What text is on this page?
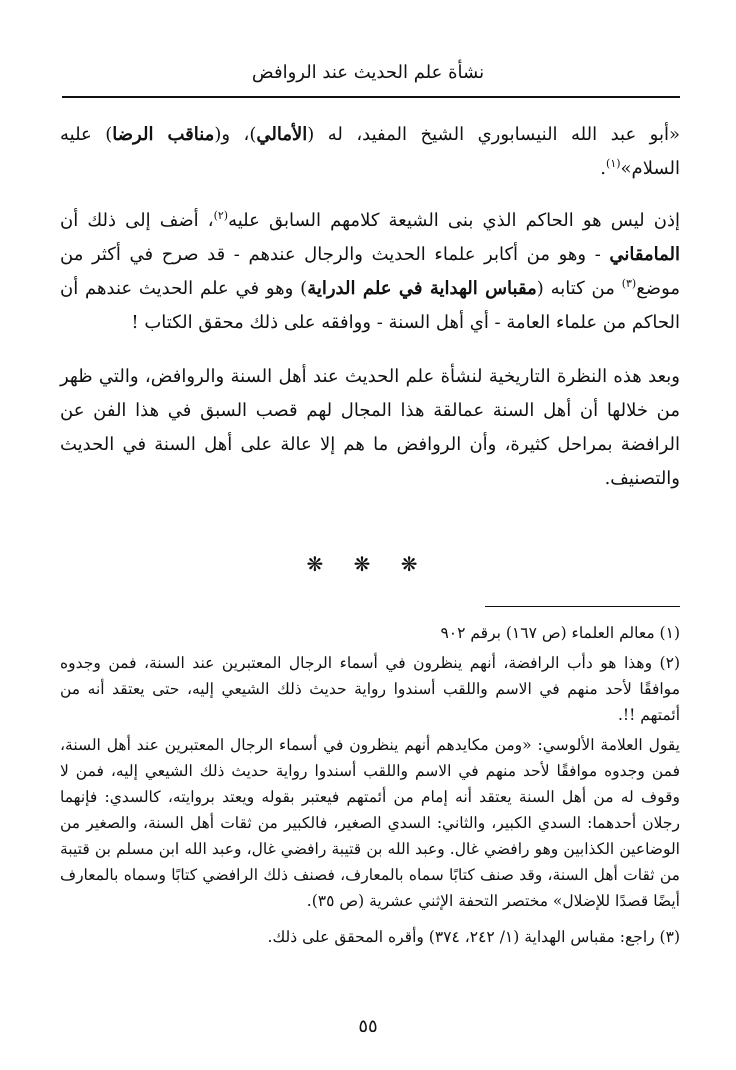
نشأة علم الحديث عند الروافض

«أبو عبد الله النيسابوري الشيخ المفيد، له (الأمالي)، و(مناقب الرضا) عليه السلام»$^{(١)}$.

إذن ليس هو الحاكم الذي بنى الشيعة كلامهم السابق عليه$^{(٢)}$، أضف إلى ذلك أن المامقاني - وهو من أكابر علماء الحديث والرجال عندهم - قد صرح في أكثر من موضع$^{(٣)}$ من كتابه (مقباس الهداية في علم الدراية) وهو في علم الحديث عندهم أن الحاكم من علماء العامة - أي أهل السنة - ووافقه على ذلك محقق الكتاب !

وبعد هذه النظرة التاريخية لنشأة علم الحديث عند أهل السنة والروافض، والتي ظهر من خلالها أن أهل السنة عمالقة هذا المجال لهم قصب السبق في هذا الفن عن الرافضة بمراحل كثيرة، وأن الروافض ما هم إلا عالة على أهل السنة في الحديث والتصنيف.

❋ ❋ ❋

(١) معالم العلماء (ص ١٦٧) برقم ٩٠٢

(٢) وهذا هو دأب الرافضة، أنهم ينظرون في أسماء الرجال المعتبرين عند السنة، فمن وجدوه موافقًا لأحد منهم في الاسم واللقب أسندوا رواية حديث ذلك الشيعي إليه، حتى يعتقد أنه من أئمتهم !!.

يقول العلامة الألوسي: «ومن مكايدهم أنهم ينظرون في أسماء الرجال المعتبرين عند أهل السنة، فمن وجدوه موافقًا لأحد منهم في الاسم واللقب أسندوا رواية حديث ذلك الشيعي إليه، فمن لا وقوف له من أهل السنة يعتقد أنه إمام من أئمتهم فيعتبر بقوله ويعتد بروايته، كالسدي: فإنهما رجلان أحدهما: السدي الكبير، والثاني: السدي الصغير، فالكبير من ثقات أهل السنة، والصغير من الوضاعين الكذابين وهو رافضي غال. وعبد الله بن قتيبة رافضي غال، وعبد الله ابن مسلم بن قتيبة من ثقات أهل السنة، وقد صنف كتابًا سماه بالمعارف، فصنف ذلك الرافضي كتابًا وسماه بالمعارف أيضًا قصدًا للإضلال» مختصر التحفة الإثني عشرية (ص ٣٥).

(٣) راجع: مقباس الهداية (١/ ٢٤٢، ٣٧٤) وأقره المحقق على ذلك.

٥٥
